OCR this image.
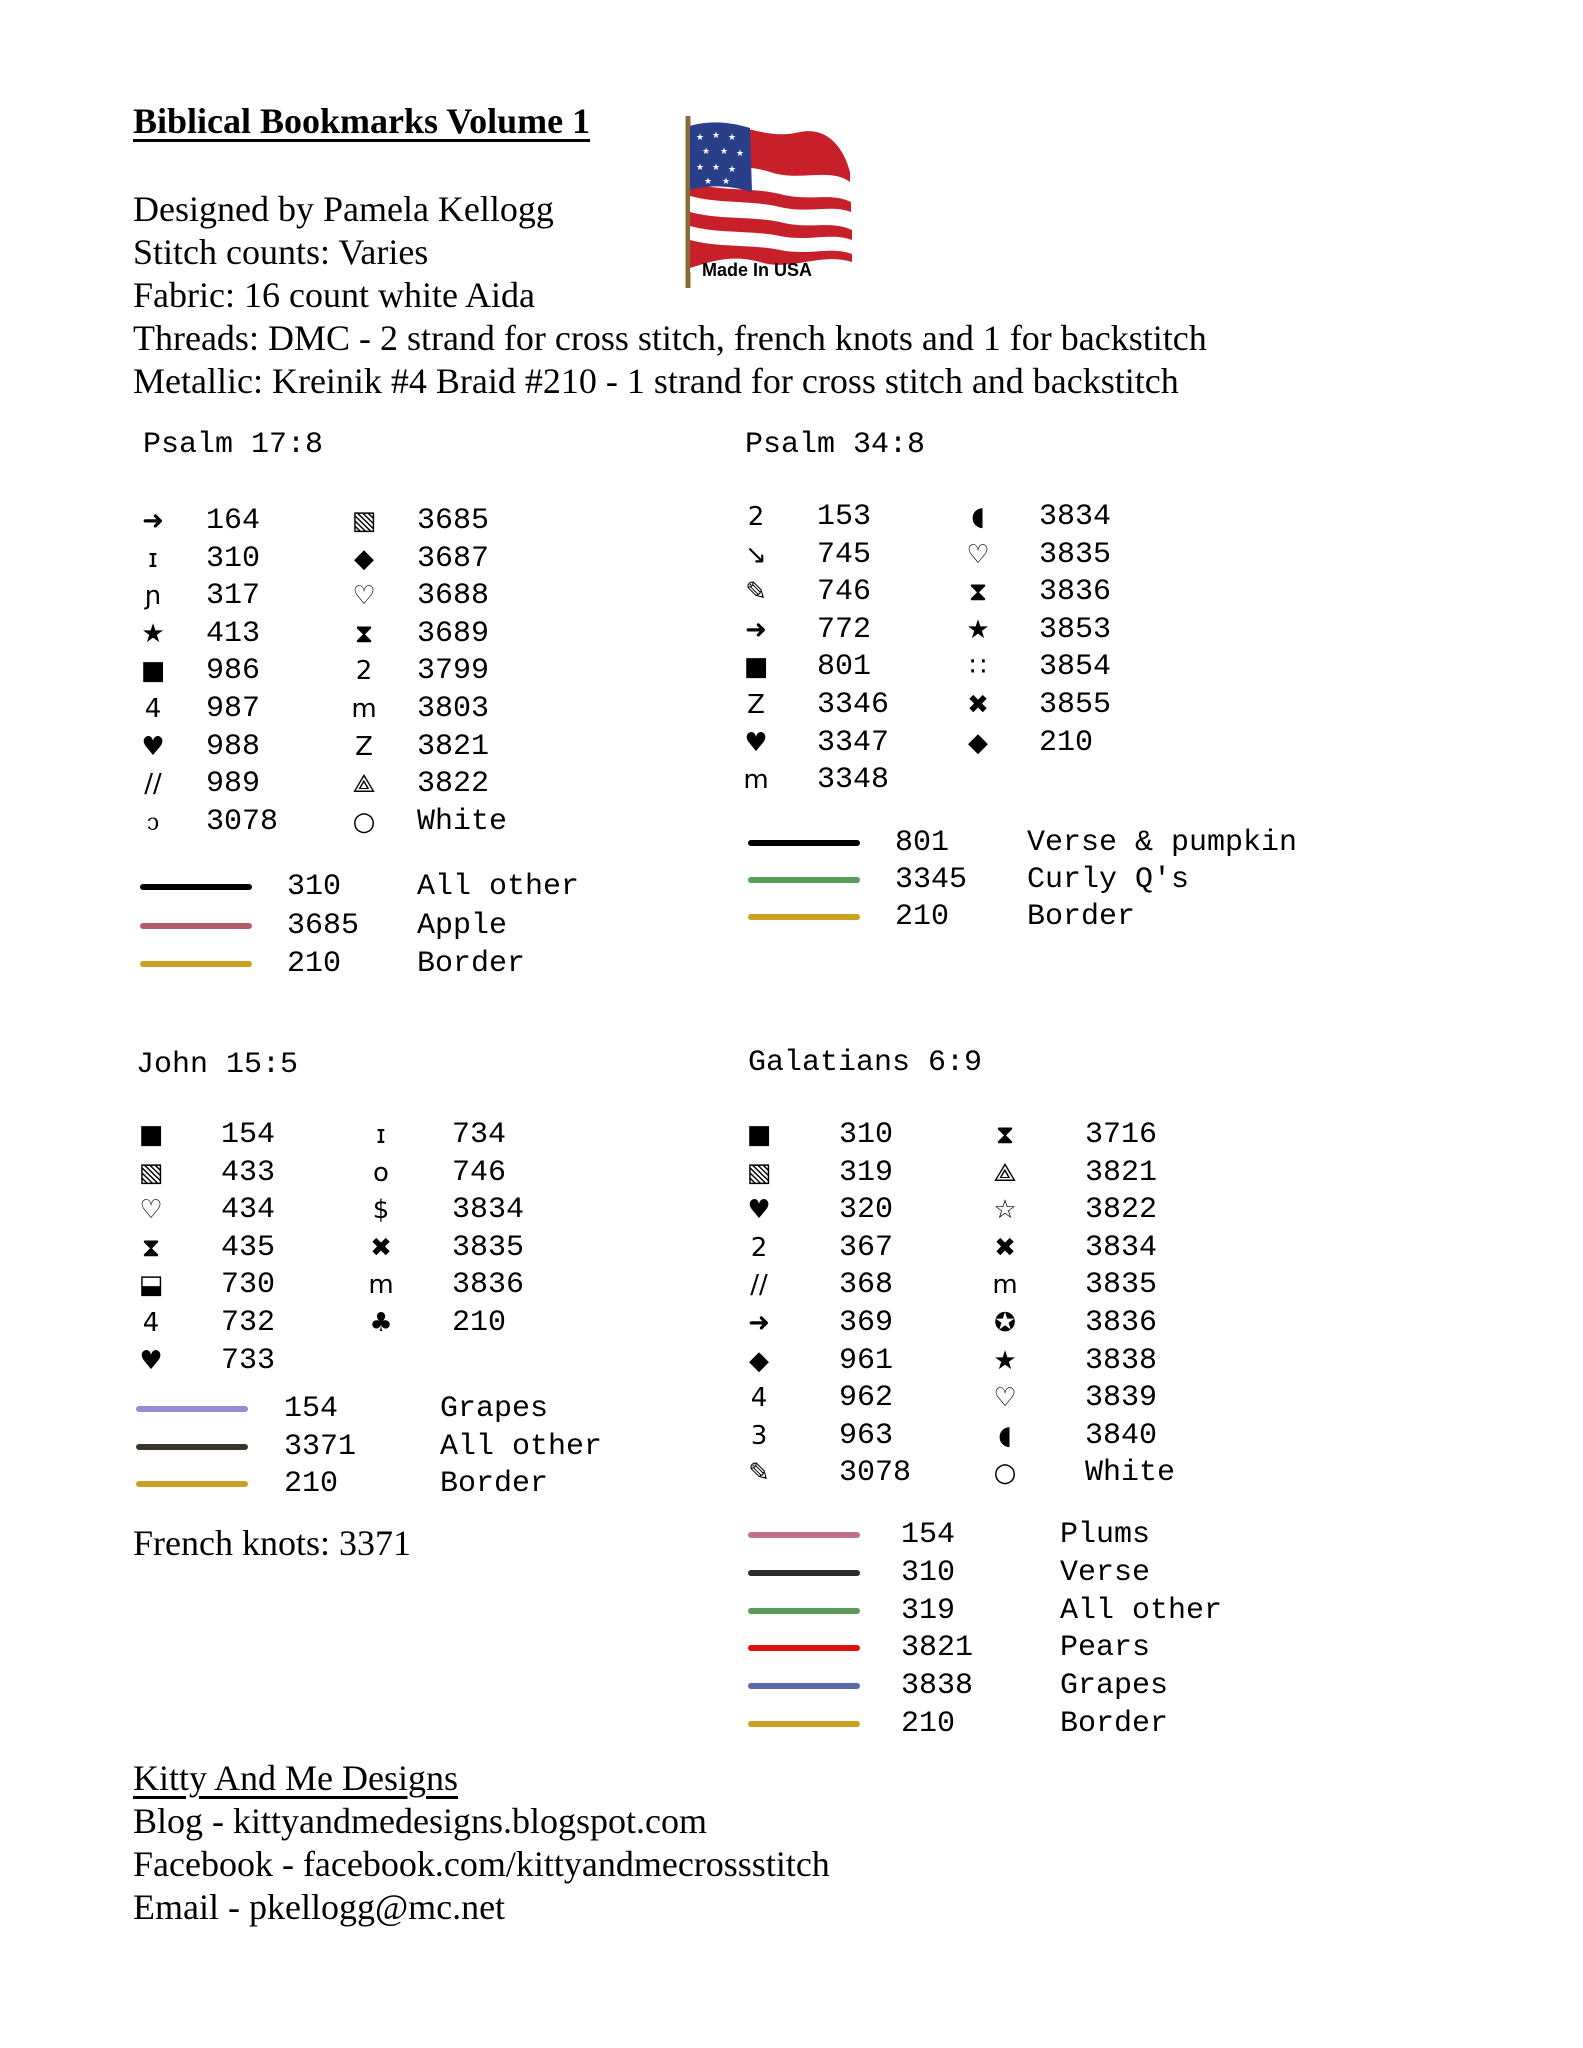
Biblical Bookmarks Volume 1
Designed by Pamela Kellogg
Stitch counts: Varies
Fabric: 16 count white Aida
Threads: DMC - 2 strand for cross stitch, french knots and 1 for backstitch
Metallic: Kreinik #4 Braid #210 - 1 strand for cross stitch and backstitch
★ ★ ★
★ ★ ★
★ ★ ★
★ ★
Made In USA
Psalm 17:8
➜ 164
ɪ	310
ɲ 317
★ 413
■ 986
4 987
♥ 988
// 989
᧑	3078
▧ 3685
◆ 3687
♡ 3688
⧗ 3689
2 3799
m 3803
Z 3821
⟁ 3822
○ White
310	All other
3685 Apple
210	Border
Psalm 34:8
2 153
↘ 745
✎ 746
➜ 772
■ 801
Z 3346
♥ 3347
m 3348
◖	3834
♡ 3835
⧗ 3836
★ 3853
∷ 3854
✖ 3855
◆ 210
801	Verse & pumpkin
3345 Curly Q's
210	Border
John 15:5
■ 154
▧ 433
♡ 434
⧗ 435
⬓ 730
4 732
♥ 733
ɪ	734
o	746
$ 3834
✖ 3835
m 3836
♣ 210
154	Grapes
3371	All other
210	Border
Galatians 6:9
■ 310
▧ 319
♥ 320
2 367
// 368
➜ 369
◆ 961
4 962
3 963
✎ 3078
⧗ 3716
⟁ 3821
☆ 3822
✖ 3834
m 3835
✪ 3836
★ 3838
♡ 3839
◖	3840
○ White
154	Plums
310	Verse
319	All other
3821	Pears
3838	Grapes
210	Border
French knots: 3371
Kitty And Me Designs
Blog - kittyandmedesigns.blogspot.com
Facebook - facebook.com/kittyandmecrossstitch
Email - pkellogg@mc.net
